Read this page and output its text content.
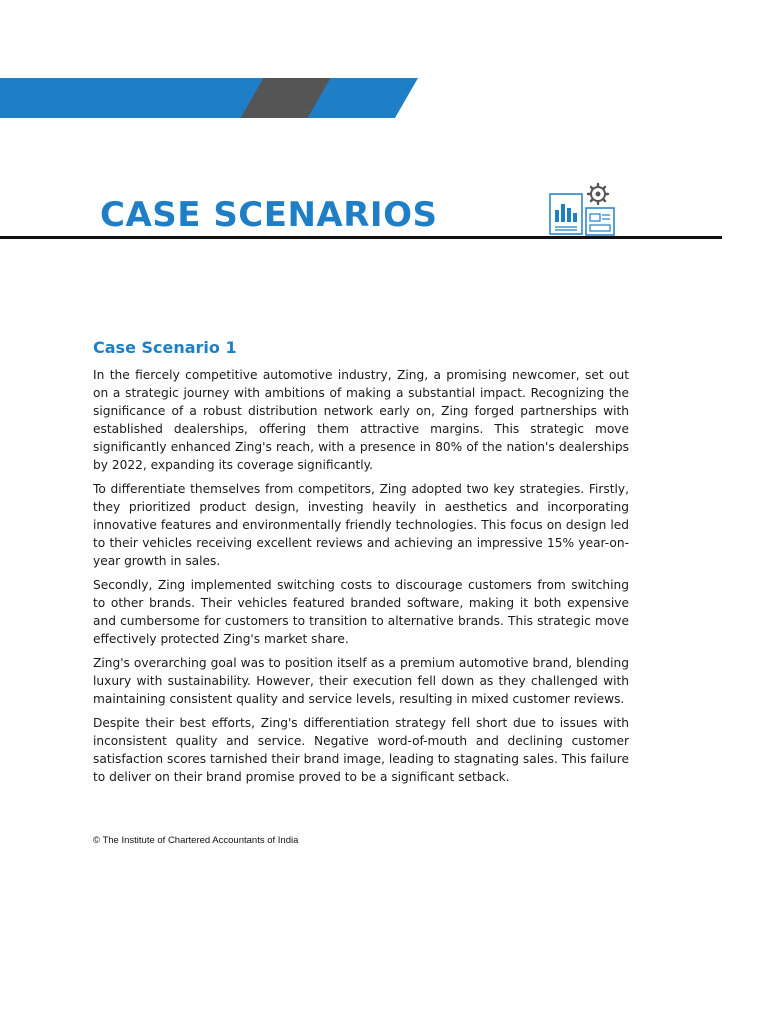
CASE SCENARIOS
Case Scenario 1

In the fiercely competitive automotive industry, Zing, a promising newcomer, set out on a strategic journey with ambitions of making a substantial impact. Recognizing the significance of a robust distribution network early on, Zing forged partnerships with established dealerships, offering them attractive margins. This strategic move significantly enhanced Zing's reach, with a presence in 80% of the nation's dealerships by 2022, expanding its coverage significantly.

To differentiate themselves from competitors, Zing adopted two key strategies. Firstly, they prioritized product design, investing heavily in aesthetics and incorporating innovative features and environmentally friendly technologies. This focus on design led to their vehicles receiving excellent reviews and achieving an impressive 15% year-on-year growth in sales.

Secondly, Zing implemented switching costs to discourage customers from switching to other brands. Their vehicles featured branded software, making it both expensive and cumbersome for customers to transition to alternative brands. This strategic move effectively protected Zing's market share.

Zing's overarching goal was to position itself as a premium automotive brand, blending luxury with sustainability. However, their execution fell down as they challenged with maintaining consistent quality and service levels, resulting in mixed customer reviews.

Despite their best efforts, Zing's differentiation strategy fell short due to issues with inconsistent quality and service. Negative word-of-mouth and declining customer satisfaction scores tarnished their brand image, leading to stagnating sales. This failure to deliver on their brand promise proved to be a significant setback.

© The Institute of Chartered Accountants of India
